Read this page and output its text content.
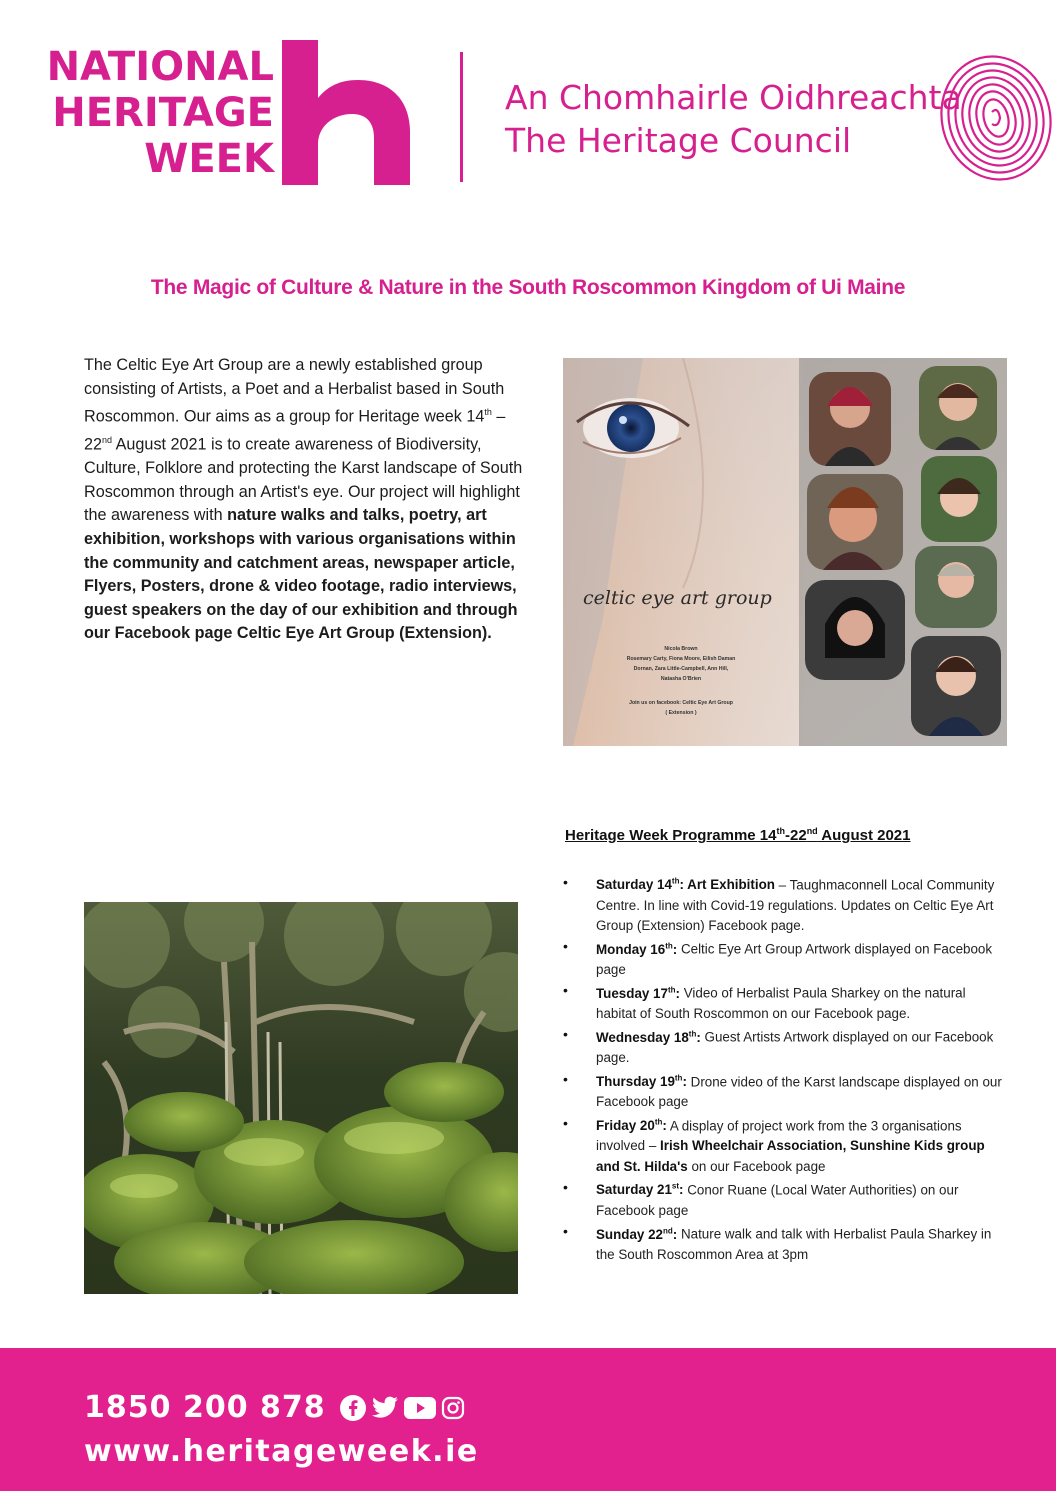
NATIONAL
HERITAGE
WEEK
An Chomhairle Oidhreachta
The Heritage Council
The Magic of Culture & Nature in the South Roscommon Kingdom of Ui Maine
The Celtic Eye Art Group are a newly established group consisting of Artists, a Poet and a Herbalist based in South Roscommon. Our aims as a group for Heritage week 14th – 22nd August 2021 is to create awareness of Biodiversity, Culture, Folklore and protecting the Karst landscape of South Roscommon through an Artist's eye. Our project will highlight the awareness with nature walks and talks, poetry, art exhibition, workshops with various organisations within the community and catchment areas, newspaper article, Flyers, Posters, drone & video footage, radio interviews, guest speakers on the day of our exhibition and through our Facebook page Celtic Eye Art Group (Extension).
celtic eye art group
Nicola Brown
Rosemary Carty, Fiona Moore, Eilish Daman
Dornan, Zara Little-Campbell, Ann Hill,
Natasha O'Brien
Join us on facebook: Celtic Eye Art Group
( Extension )
Heritage Week Programme 14th-22nd August 2021
• Saturday 14th: Art Exhibition – Taughmaconnell Local Community Centre. In line with Covid-19 regulations. Updates on Celtic Eye Art Group (Extension) Facebook page.
• Monday 16th: Celtic Eye Art Group Artwork displayed on Facebook page
• Tuesday 17th: Video of Herbalist Paula Sharkey on the natural habitat of South Roscommon on our Facebook page.
• Wednesday 18th: Guest Artists Artwork displayed on our Facebook page.
• Thursday 19th: Drone video of the Karst landscape displayed on our Facebook page
• Friday 20th: A display of project work from the 3 organisations involved – Irish Wheelchair Association, Sunshine Kids group and St. Hilda's on our Facebook page
• Saturday 21st: Conor Ruane (Local Water Authorities) on our Facebook page
• Sunday 22nd: Nature walk and talk with Herbalist Paula Sharkey in the South Roscommon Area at 3pm
1850 200 878
www.heritageweek.ie
